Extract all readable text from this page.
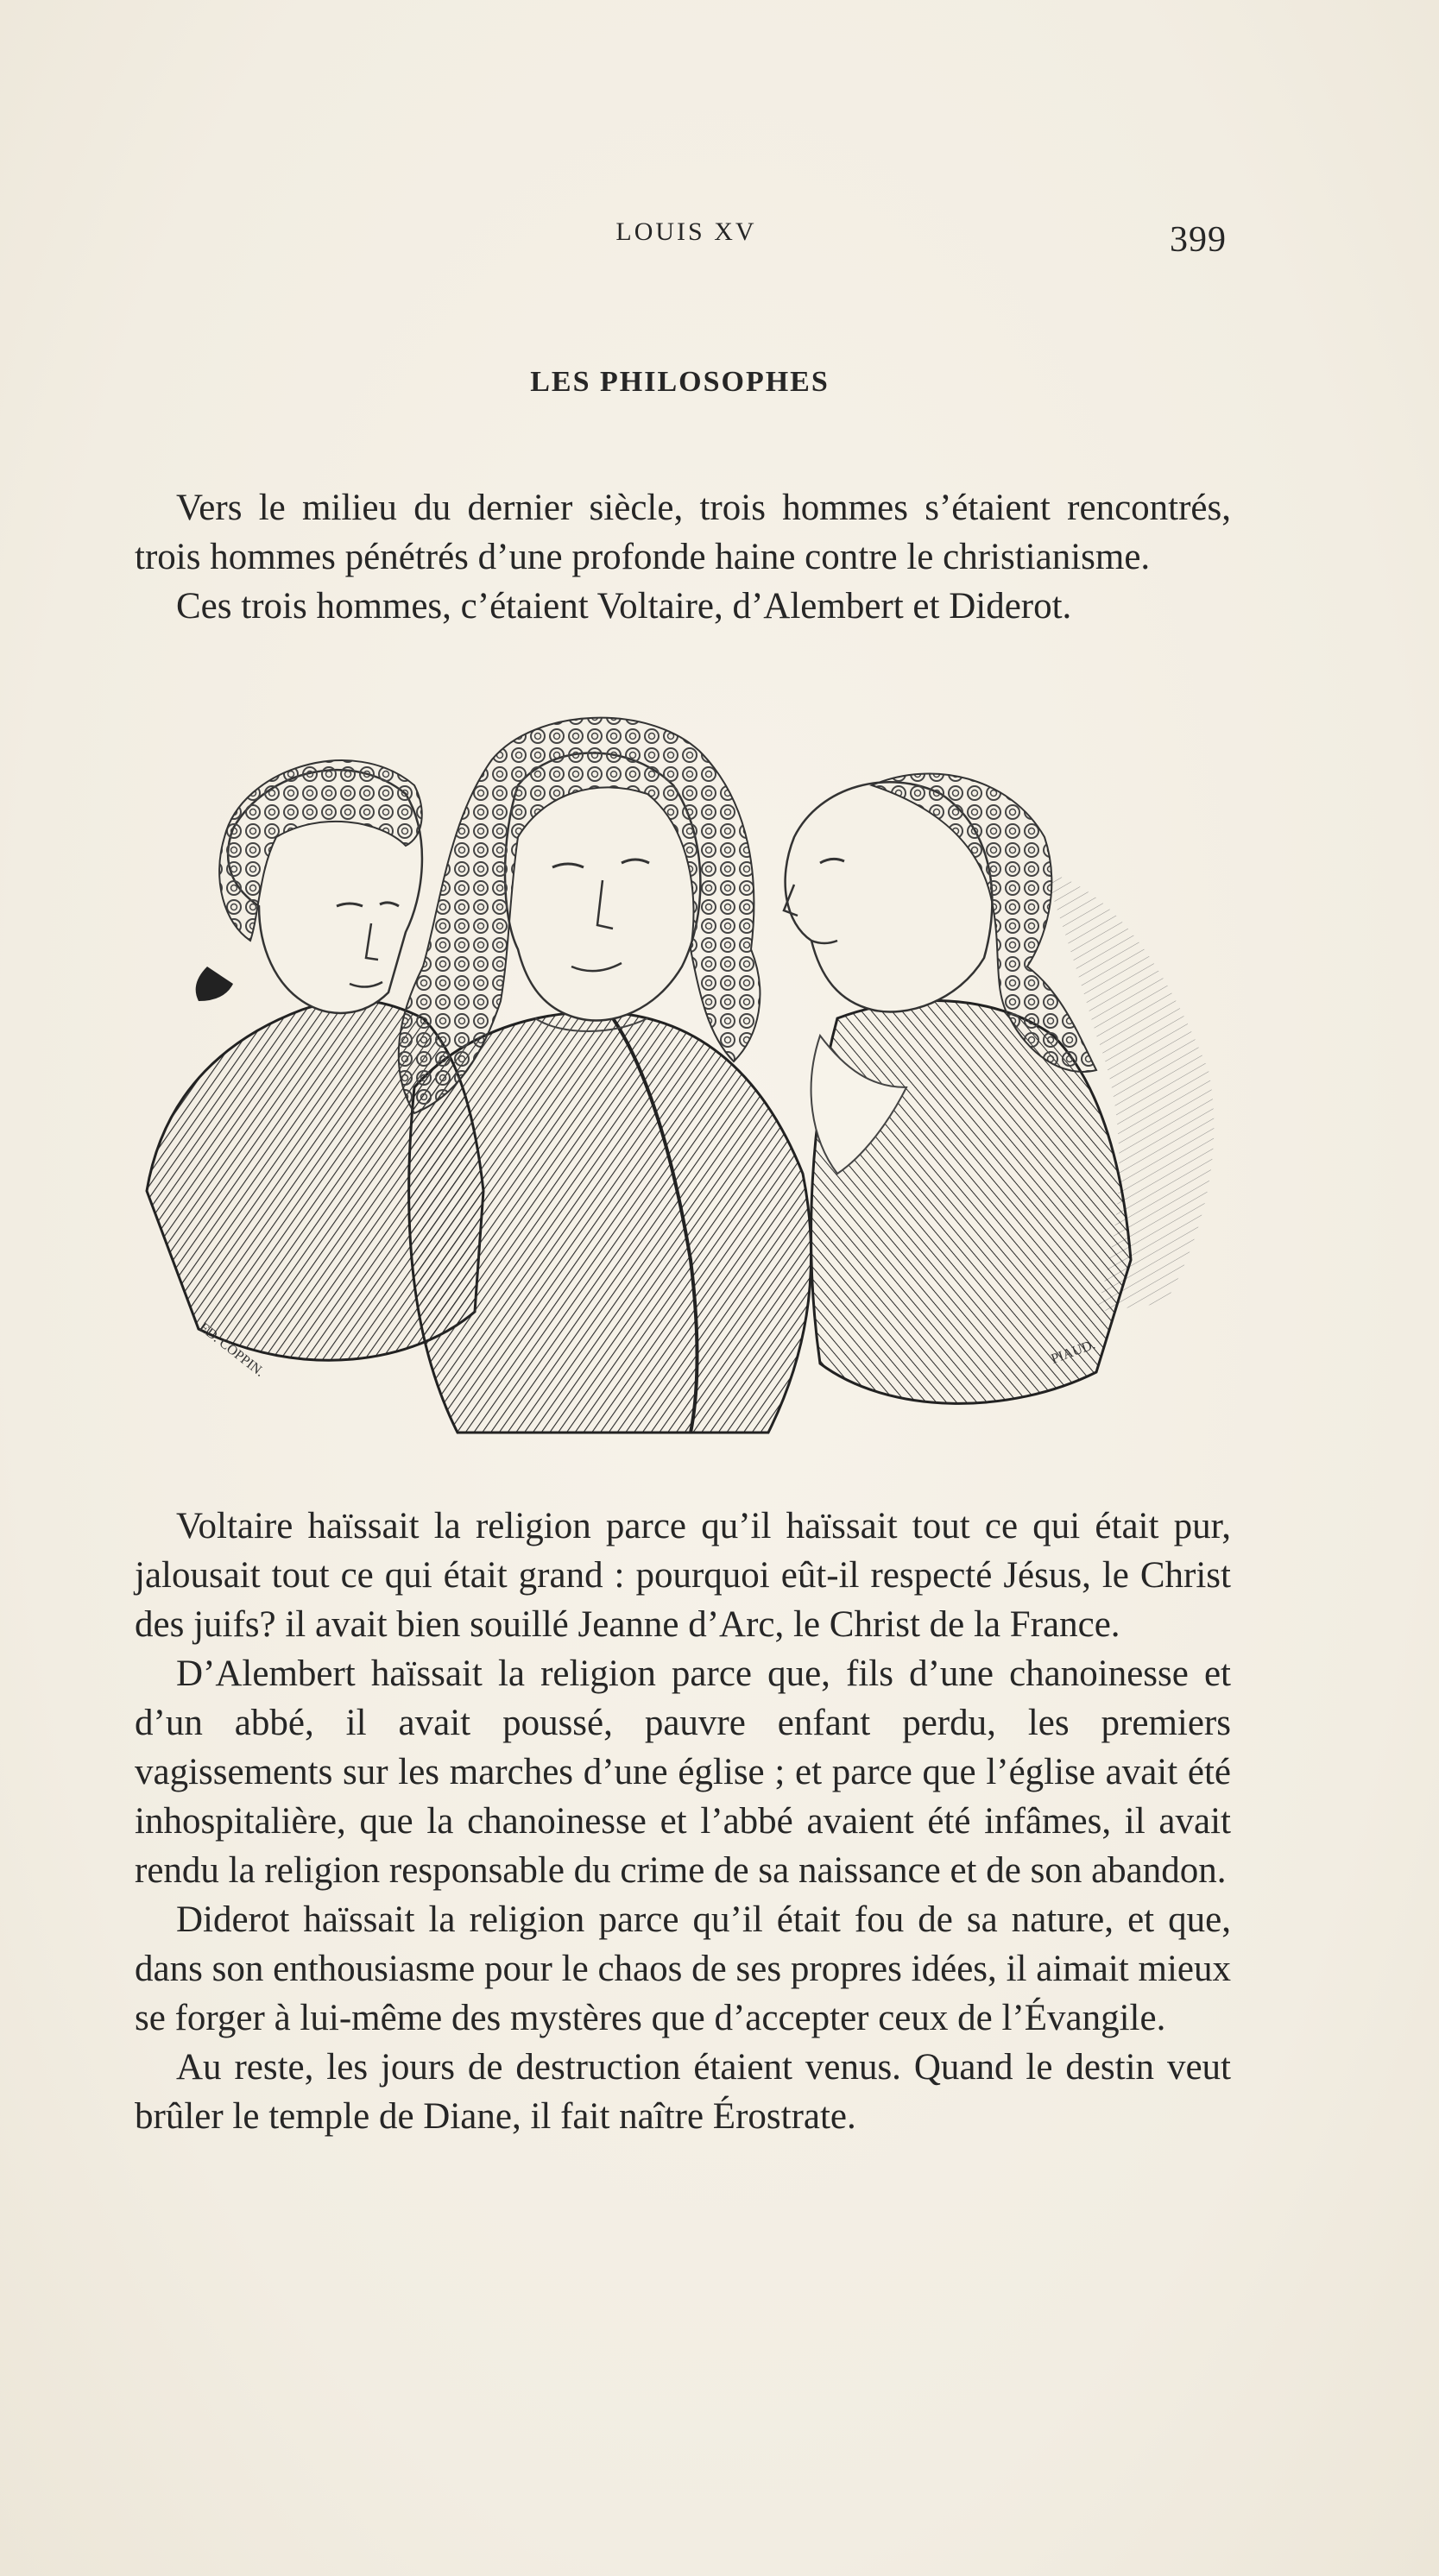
LOUIS XV	399
LES PHILOSOPHES

Vers le milieu du dernier siècle, trois hommes s’étaient rencontrés, trois hommes pénétrés d’une profonde haine contre le christianisme.

Ces trois hommes, c’étaient Voltaire, d’Alembert et Diderot.

ED. COPPIN.	PIAUD.

Voltaire haïssait la religion parce qu’il haïssait tout ce qui était pur, jalousait tout ce qui était grand : pourquoi eût-il respecté Jésus, le Christ des juifs? il avait bien souillé Jeanne d’Arc, le Christ de la France.

D’Alembert haïssait la religion parce que, fils d’une chanoinesse et d’un abbé, il avait poussé, pauvre enfant perdu, les premiers vagissements sur les marches d’une église ; et parce que l’église avait été inhospitalière, que la chanoinesse et l’abbé avaient été infâmes, il avait rendu la religion responsable du crime de sa naissance et de son abandon.

Diderot haïssait la religion parce qu’il était fou de sa nature, et que, dans son enthousiasme pour le chaos de ses propres idées, il aimait mieux se forger à lui-même des mystères que d’accepter ceux de l’Évangile.

Au reste, les jours de destruction étaient venus. Quand le destin veut brûler le temple de Diane, il fait naître Érostrate.
